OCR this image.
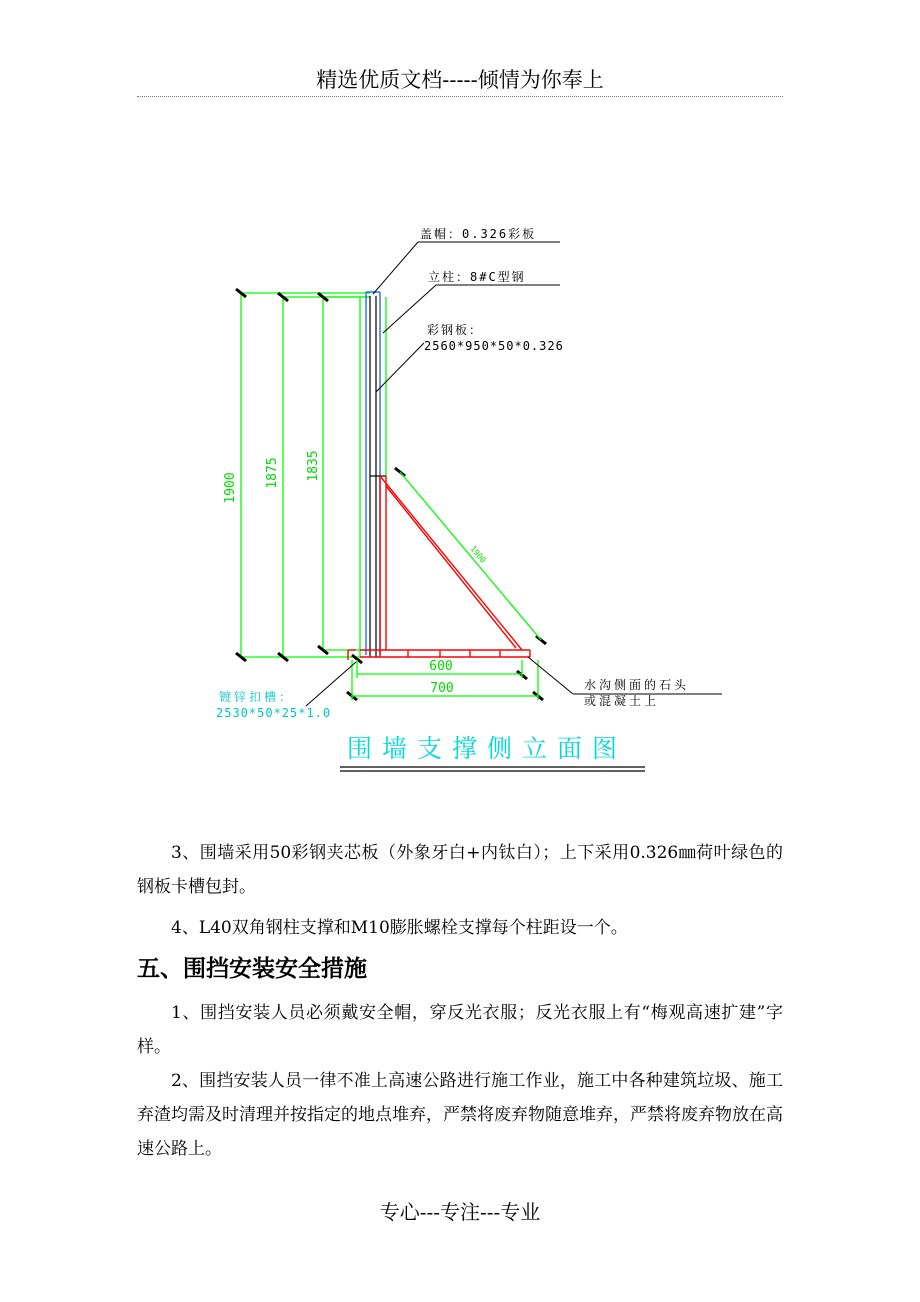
精选优质文档-----倾情为你奉上
1900 1875 1835
600
700
1900
盖帽：0.326彩板
立柱：8#C型钢
彩钢板：
2560*950*50*0.326
水沟侧面的石头
或混凝土上
镀锌扣槽：
2530*50*25*1.0
围墙支撑侧立面图
3、围墙采用50彩钢夹芯板（外象牙白+内钛白）；上下采用0.326㎜荷叶绿色的钢板卡槽包封。
4、L40双角钢柱支撑和M10膨胀螺栓支撑每个柱距设一个。
五、围挡安装安全措施
1、围挡安装人员必须戴安全帽，穿反光衣服；反光衣服上有“梅观高速扩建”字样。
2、围挡安装人员一律不准上高速公路进行施工作业，施工中各种建筑垃圾、施工弃渣均需及时清理并按指定的地点堆弃，严禁将废弃物随意堆弃，严禁将废弃物放在高速公路上。
专心---专注---专业
